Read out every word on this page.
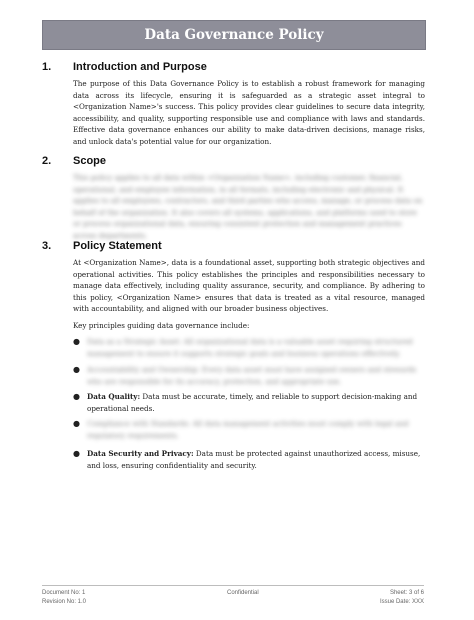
Data Governance Policy
1.	Introduction and Purpose
The purpose of this Data Governance Policy is to establish a robust framework for managing data across its lifecycle, ensuring it is safeguarded as a strategic asset integral to <Organization Name>'s success. This policy provides clear guidelines to secure data integrity, accessibility, and quality, supporting responsible use and compliance with laws and standards. Effective data governance enhances our ability to make data-driven decisions, manage risks, and unlock data's potential value for our organization.
2.	Scope
This policy applies to all data within <Organization Name>, including customer, financial, operational, and employee information, in all formats, including electronic and physical. It applies to all employees, contractors, and third parties who access, manage, or process data on behalf of the organization. It also covers all systems, applications, and platforms used to store or process organizational data, ensuring consistent protection and management practices across departments.
3.	Policy Statement
At <Organization Name>, data is a foundational asset, supporting both strategic objectives and operational activities. This policy establishes the principles and responsibilities necessary to manage data effectively, including quality assurance, security, and compliance. By adhering to this policy, <Organization Name> ensures that data is treated as a vital resource, managed with accountability, and aligned with our broader business objectives.
Key principles guiding data governance include:
● Data as a Strategic Asset: All organizational data is a valuable asset requiring structured management to ensure it supports strategic goals and business operations effectively.
● Accountability and Ownership: Every data asset must have assigned owners and stewards who are responsible for its accuracy, protection, and appropriate use.
● Data Quality: Data must be accurate, timely, and reliable to support decision-making and operational needs.
● Compliance with Standards: All data management activities must comply with legal and regulatory requirements.
● Data Security and Privacy: Data must be protected against unauthorized access, misuse, and loss, ensuring confidentiality and security.
Document No: 1
Revision No: 1.0
Confidential	Sheet: 3 of 6
Issue Date: XXX
